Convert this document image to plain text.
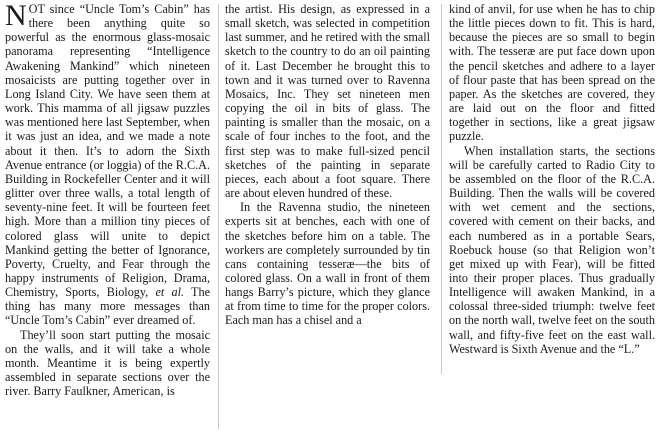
NOT since “Uncle Tom’s Cabin” has there been anything quite so powerful as the enormous glass-mosaic panorama representing “Intelligence Awakening Mankind” which nineteen mosaicists are putting together over in Long Island City. We have seen them at work. This mamma of all jigsaw puzzles was mentioned here last September, when it was just an idea, and we made a note about it then. It’s to adorn the Sixth Avenue entrance (or loggia) of the R.C.A. Building in Rockefeller Center and it will glitter over three walls, a total length of seventy-nine feet. It will be fourteen feet high. More than a million tiny pieces of colored glass will unite to depict Mankind getting the better of Ignorance, Poverty, Cruelty, and Fear through the happy instruments of Religion, Drama, Chemistry, Sports, Biology, et al. The thing has many more messages than “Uncle Tom’s Cabin” ever dreamed of.

They’ll soon start putting the mosaic on the walls, and it will take a whole month. Meantime it is being expertly assembled in separate sections over the river. Barry Faulkner, American, is

the artist. His design, as expressed in a small sketch, was selected in competition last summer, and he retired with the small sketch to the country to do an oil painting of it. Last December he brought this to town and it was turned over to Ravenna Mosaics, Inc. They set nineteen men copying the oil in bits of glass. The painting is smaller than the mosaic, on a scale of four inches to the foot, and the first step was to make full-sized pencil sketches of the painting in separate pieces, each about a foot square. There are about eleven hundred of these.

In the Ravenna studio, the nineteen experts sit at benches, each with one of the sketches before him on a table. The workers are completely surrounded by tin cans containing tesseræ—the bits of colored glass. On a wall in front of them hangs Barry’s picture, which they glance at from time to time for the proper colors. Each man has a chisel and a

kind of anvil, for use when he has to chip the little pieces down to fit. This is hard, because the pieces are so small to begin with. The tesseræ are put face down upon the pencil sketches and adhere to a layer of flour paste that has been spread on the paper. As the sketches are covered, they are laid out on the floor and fitted together in sections, like a great jigsaw puzzle.

When installation starts, the sections will be carefully carted to Radio City to be assembled on the floor of the R.C.A. Building. Then the walls will be covered with wet cement and the sections, covered with cement on their backs, and each numbered as in a portable Sears, Roebuck house (so that Religion won’t get mixed up with Fear), will be fitted into their proper places. Thus gradually Intelligence will awaken Mankind, in a colossal three-sided triumph: twelve feet on the north wall, twelve feet on the south wall, and fifty-five feet on the east wall. Westward is Sixth Avenue and the “L.”
